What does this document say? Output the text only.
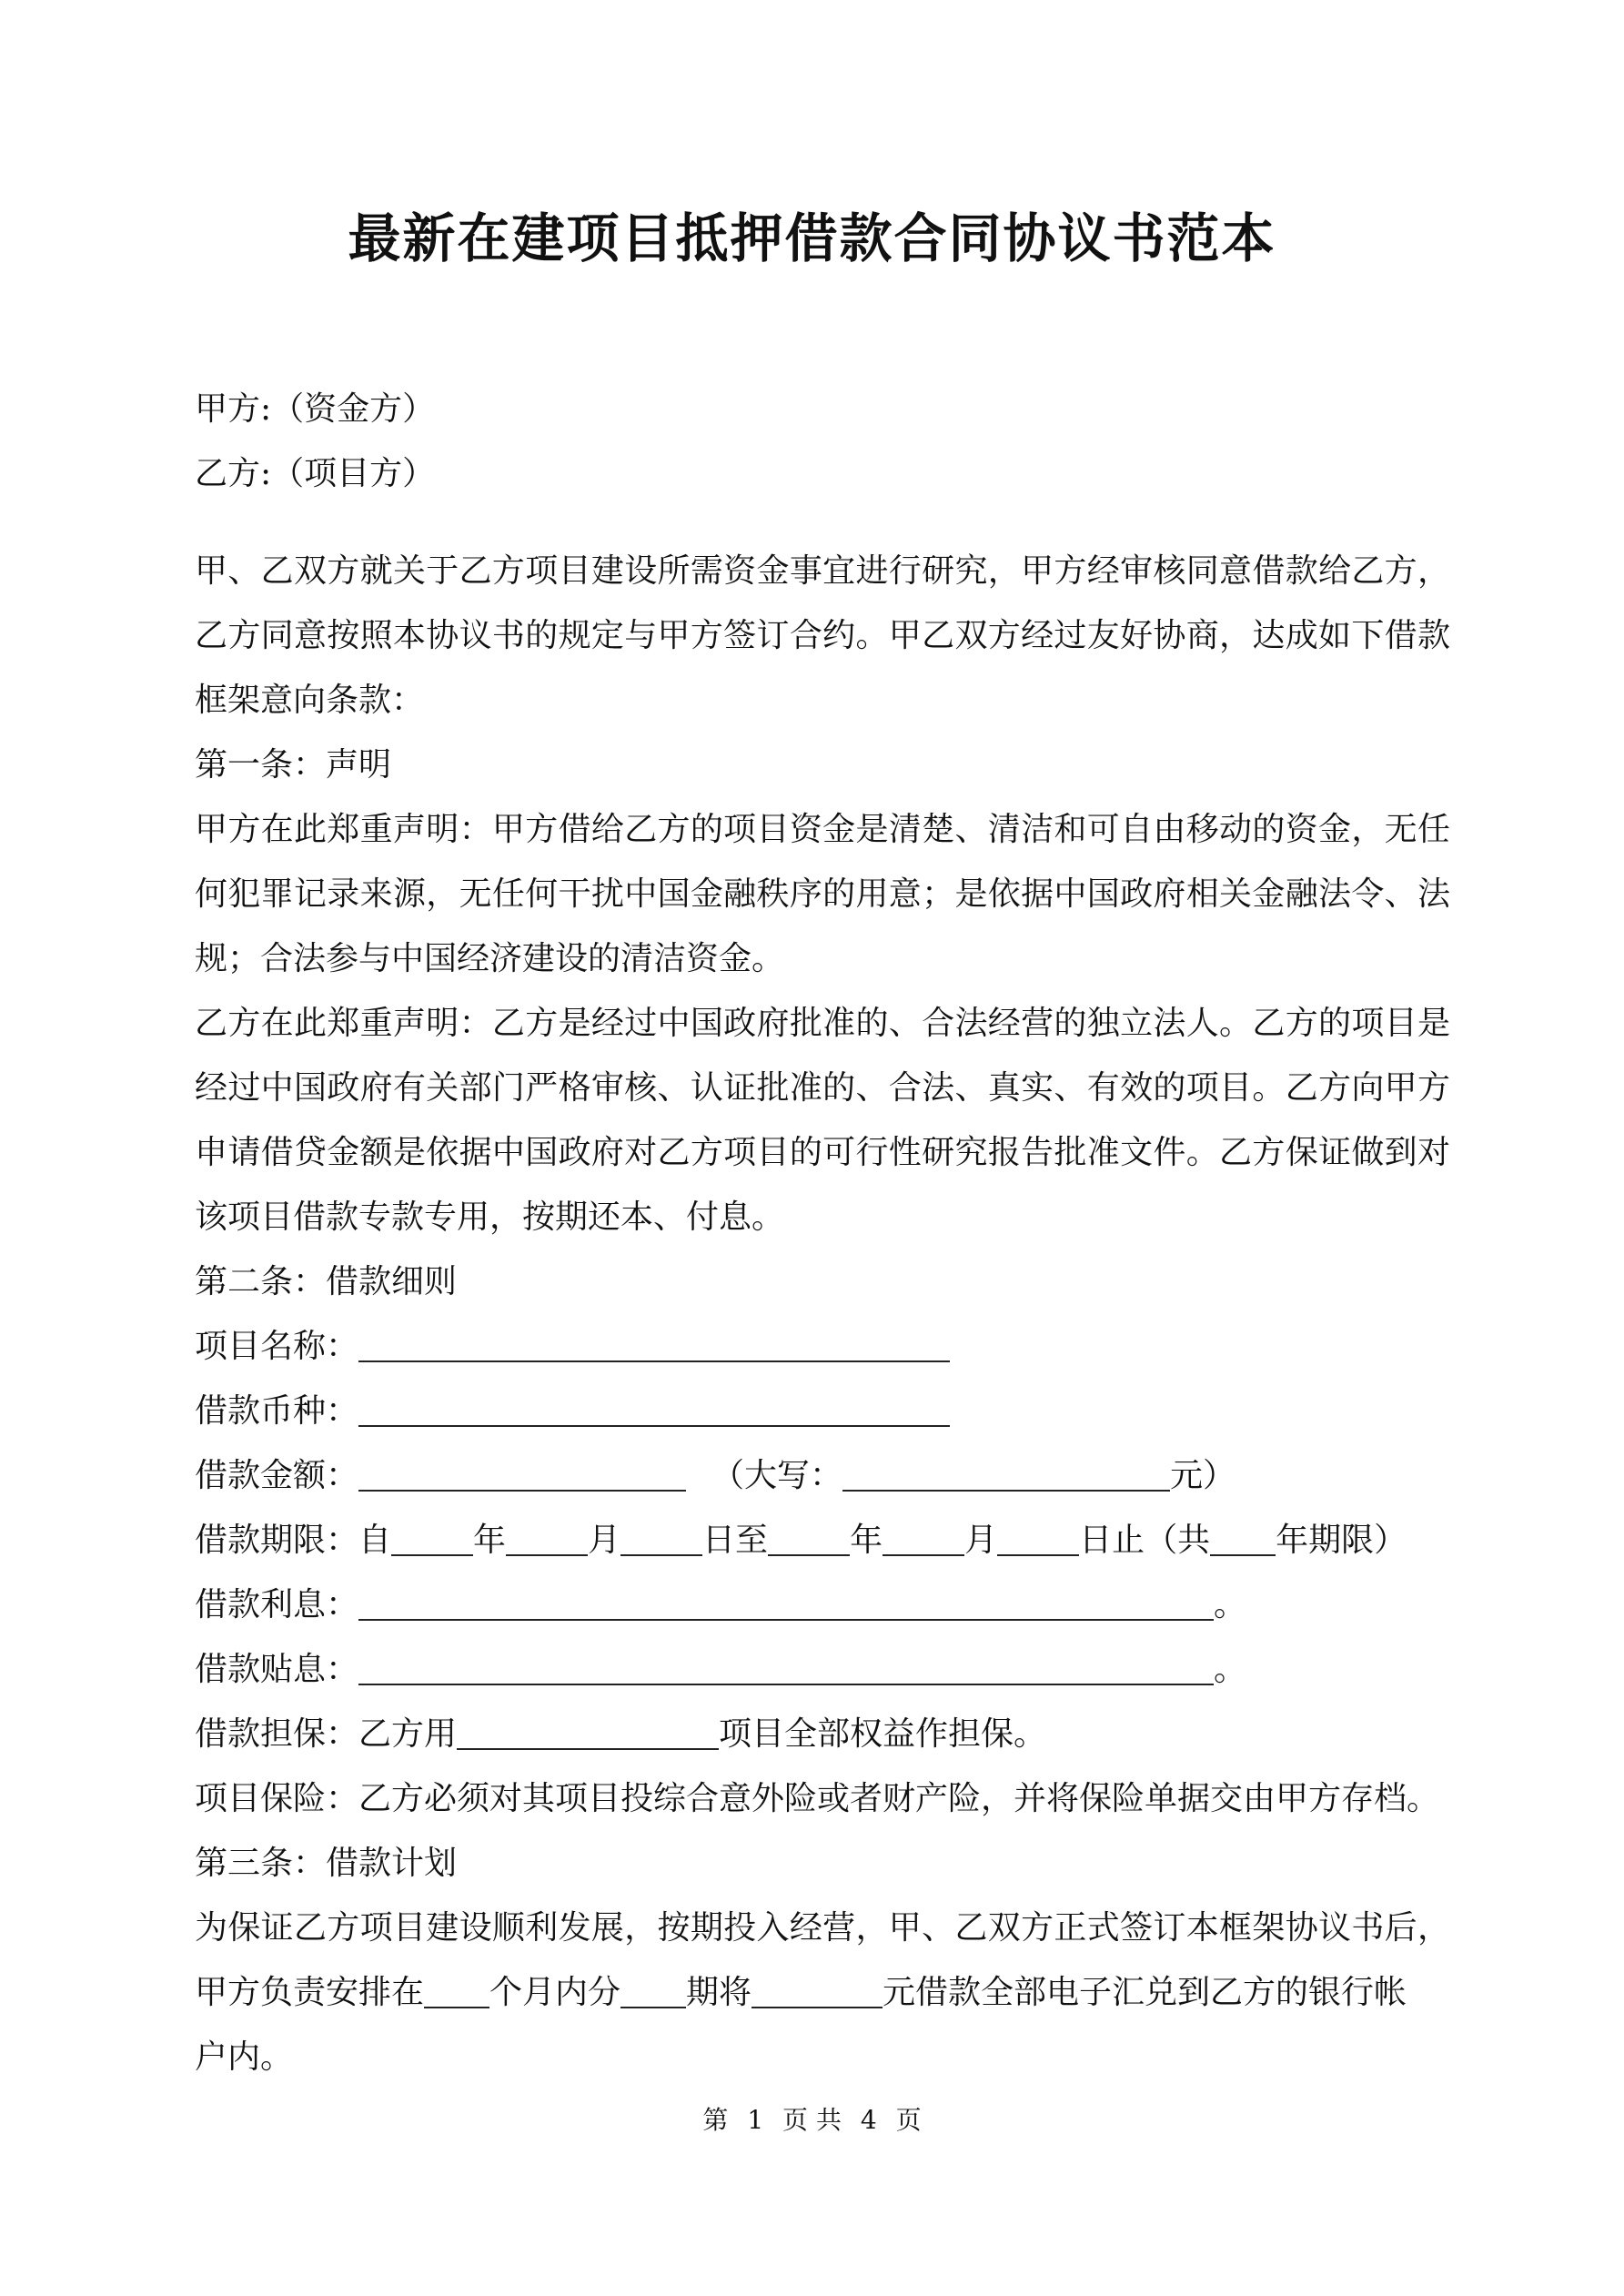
最新在建项目抵押借款合同协议书范本
甲方:（资金方）
乙方:（项目方）
甲、乙双方就关于乙方项目建设所需资金事宜进行研究，甲方经审核同意借款给乙方，
乙方同意按照本协议书的规定与甲方签订合约。甲乙双方经过友好协商，达成如下借款
框架意向条款：
第一条：声明
甲方在此郑重声明：甲方借给乙方的项目资金是清楚、清洁和可自由移动的资金，无任
何犯罪记录来源，无任何干扰中国金融秩序的用意；是依据中国政府相关金融法令、法
规；合法参与中国经济建设的清洁资金。
乙方在此郑重声明：乙方是经过中国政府批准的、合法经营的独立法人。乙方的项目是
经过中国政府有关部门严格审核、认证批准的、合法、真实、有效的项目。乙方向甲方
申请借贷金额是依据中国政府对乙方项目的可行性研究报告批准文件。乙方保证做到对
该项目借款专款专用，按期还本、付息。
第二条：借款细则
项目名称：
借款币种：
借款金额：	（大写：	元）
借款期限：自	年	月	日至	年	月	日止（共 年期限）
借款利息：	。
借款贴息：	。
借款担保：乙方用	项目全部权益作担保。
项目保险：乙方必须对其项目投综合意外险或者财产险，并将保险单据交由甲方存档。
第三条：借款计划
为保证乙方项目建设顺利发展，按期投入经营，甲、乙双方正式签订本框架协议书后，
甲方负责安排在 个月内分 期将	元借款全部电子汇兑到乙方的银行帐
户内。
第 1 页 共 4 页
